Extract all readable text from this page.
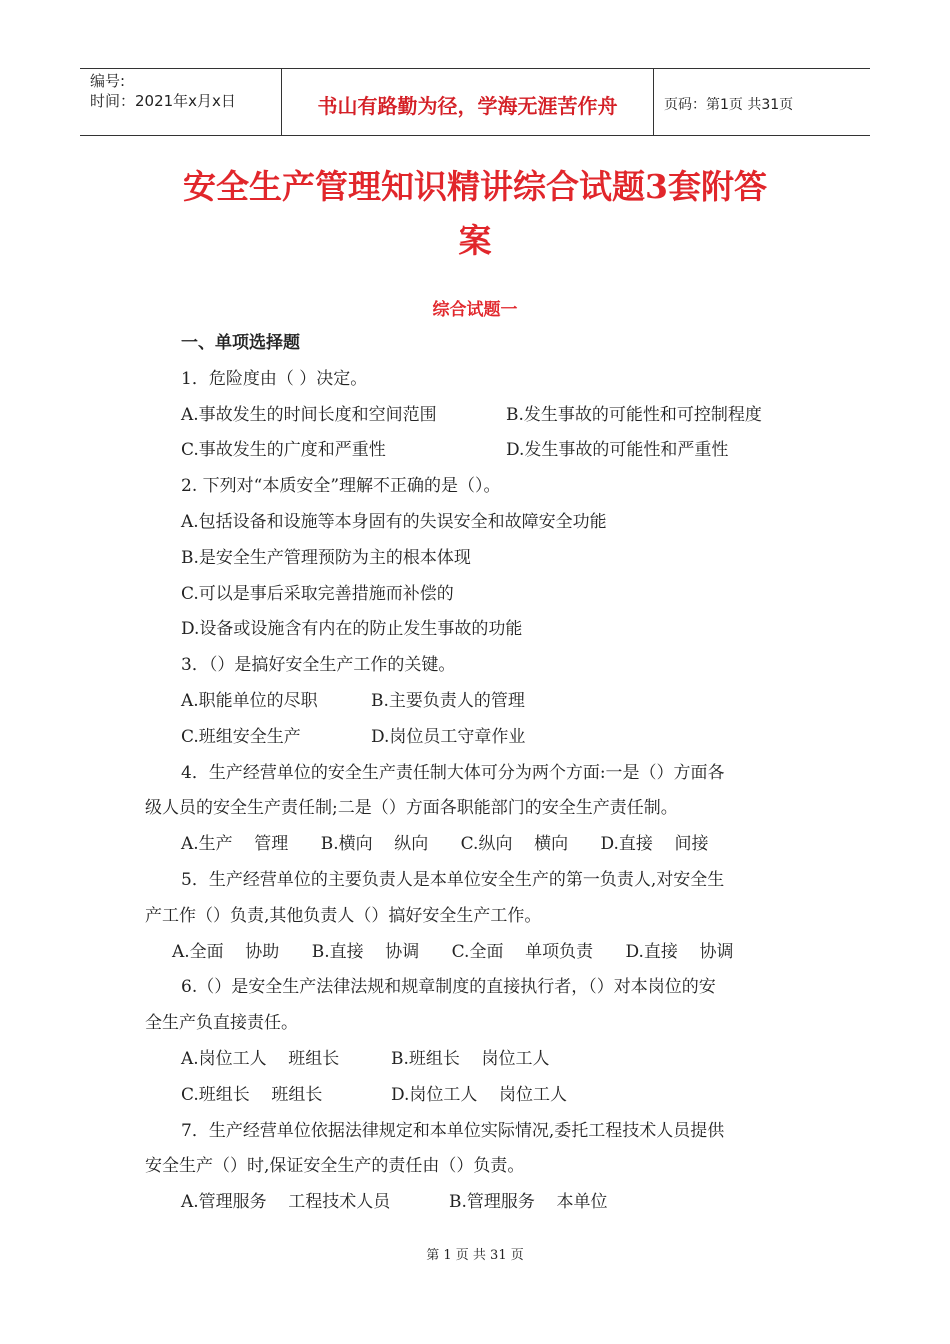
编号:
时间：2021年x月x日	书山有路勤为径，学海无涯苦作舟	页码：第1页 共31页
安全生产管理知识精讲综合试题3套附答
案
综合试题一
一、单项选择题
1．危险度由（ ）决定。
A.事故发生的时间长度和空间范围	B.发生事故的可能性和可控制程度
C.事故发生的广度和严重性	D.发生事故的可能性和严重性
2. 下列对“本质安全”理解不正确的是（）。
A.包括设备和设施等本身固有的失误安全和故障安全功能
B.是安全生产管理预防为主的根本体现
C.可以是事后采取完善措施而补偿的
D.设备或设施含有内在的防止发生事故的功能
3．（）是搞好安全生产工作的关键。
A.职能单位的尽职	B.主要负责人的管理
C.班组安全生产	D.岗位员工守章作业
4．生产经营单位的安全生产责任制大体可分为两个方面:一是（）方面各
级人员的安全生产责任制;二是（）方面各职能部门的安全生产责任制。
A.生产    管理      B.横向    纵向      C.纵向    横向      D.直接    间接
5．生产经营单位的主要负责人是本单位安全生产的第一负责人,对安全生
产工作（）负责,其他负责人（）搞好安全生产工作。
A.全面    协助      B.直接    协调      C.全面    单项负责      D.直接    协调
6.（）是安全生产法律法规和规章制度的直接执行者，（）对本岗位的安
全生产负直接责任。
A.岗位工人    班组长	B.班组长    岗位工人
C.班组长    班组长	D.岗位工人    岗位工人
7．生产经营单位依据法律规定和本单位实际情况,委托工程技术人员提供
安全生产（）时,保证安全生产的责任由（）负责。
A.管理服务    工程技术人员	B.管理服务    本单位
第 1 页 共 31 页
